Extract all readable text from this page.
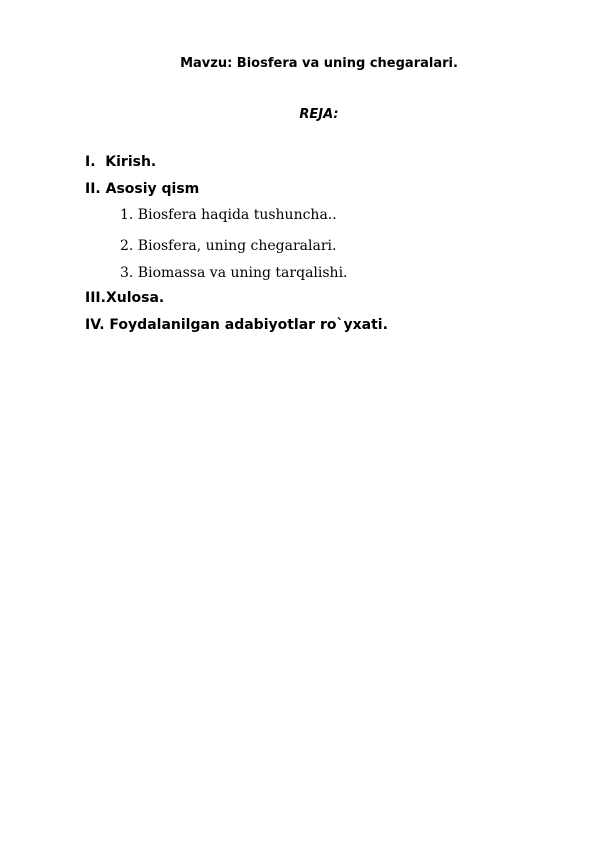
Mavzu: Biosfera va uning chegaralari.
REJA:
I.  Kirish.
II. Asosiy qism
1. Biosfera haqida tushuncha..
2. Biosfera, uning chegaralari.
3. Biomassa va uning tarqalishi.
III.Xulosa.
IV. Foydalanilgan adabiyotlar ro`yxati.
